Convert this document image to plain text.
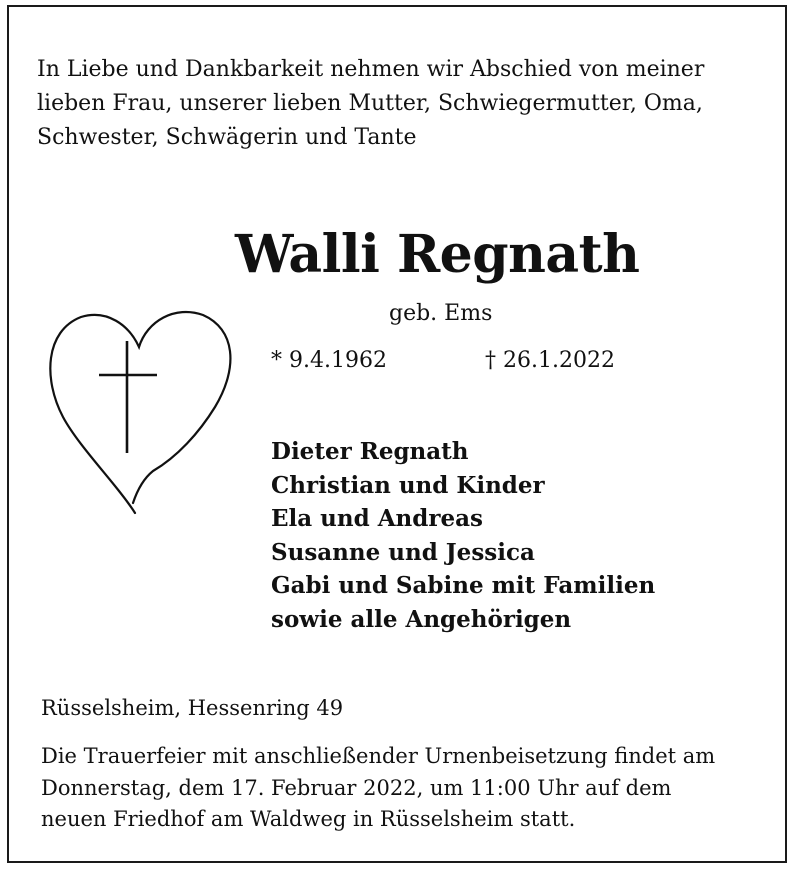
In Liebe und Dankbarkeit nehmen wir Abschied von meiner
lieben Frau, unserer lieben Mutter, Schwiegermutter, Oma,
Schwester, Schwägerin und Tante

Walli Regnath
geb. Ems
* 9.4.1962	† 26.1.2022
Dieter Regnath
Christian und Kinder
Ela und Andreas
Susanne und Jessica
Gabi und Sabine mit Familien
sowie alle Angehörigen
Rüsselsheim, Hessenring 49

Die Trauerfeier mit anschließender Urnenbeisetzung findet am
Donnerstag, dem 17. Februar 2022, um 11:00 Uhr auf dem
neuen Friedhof am Waldweg in Rüsselsheim statt.
